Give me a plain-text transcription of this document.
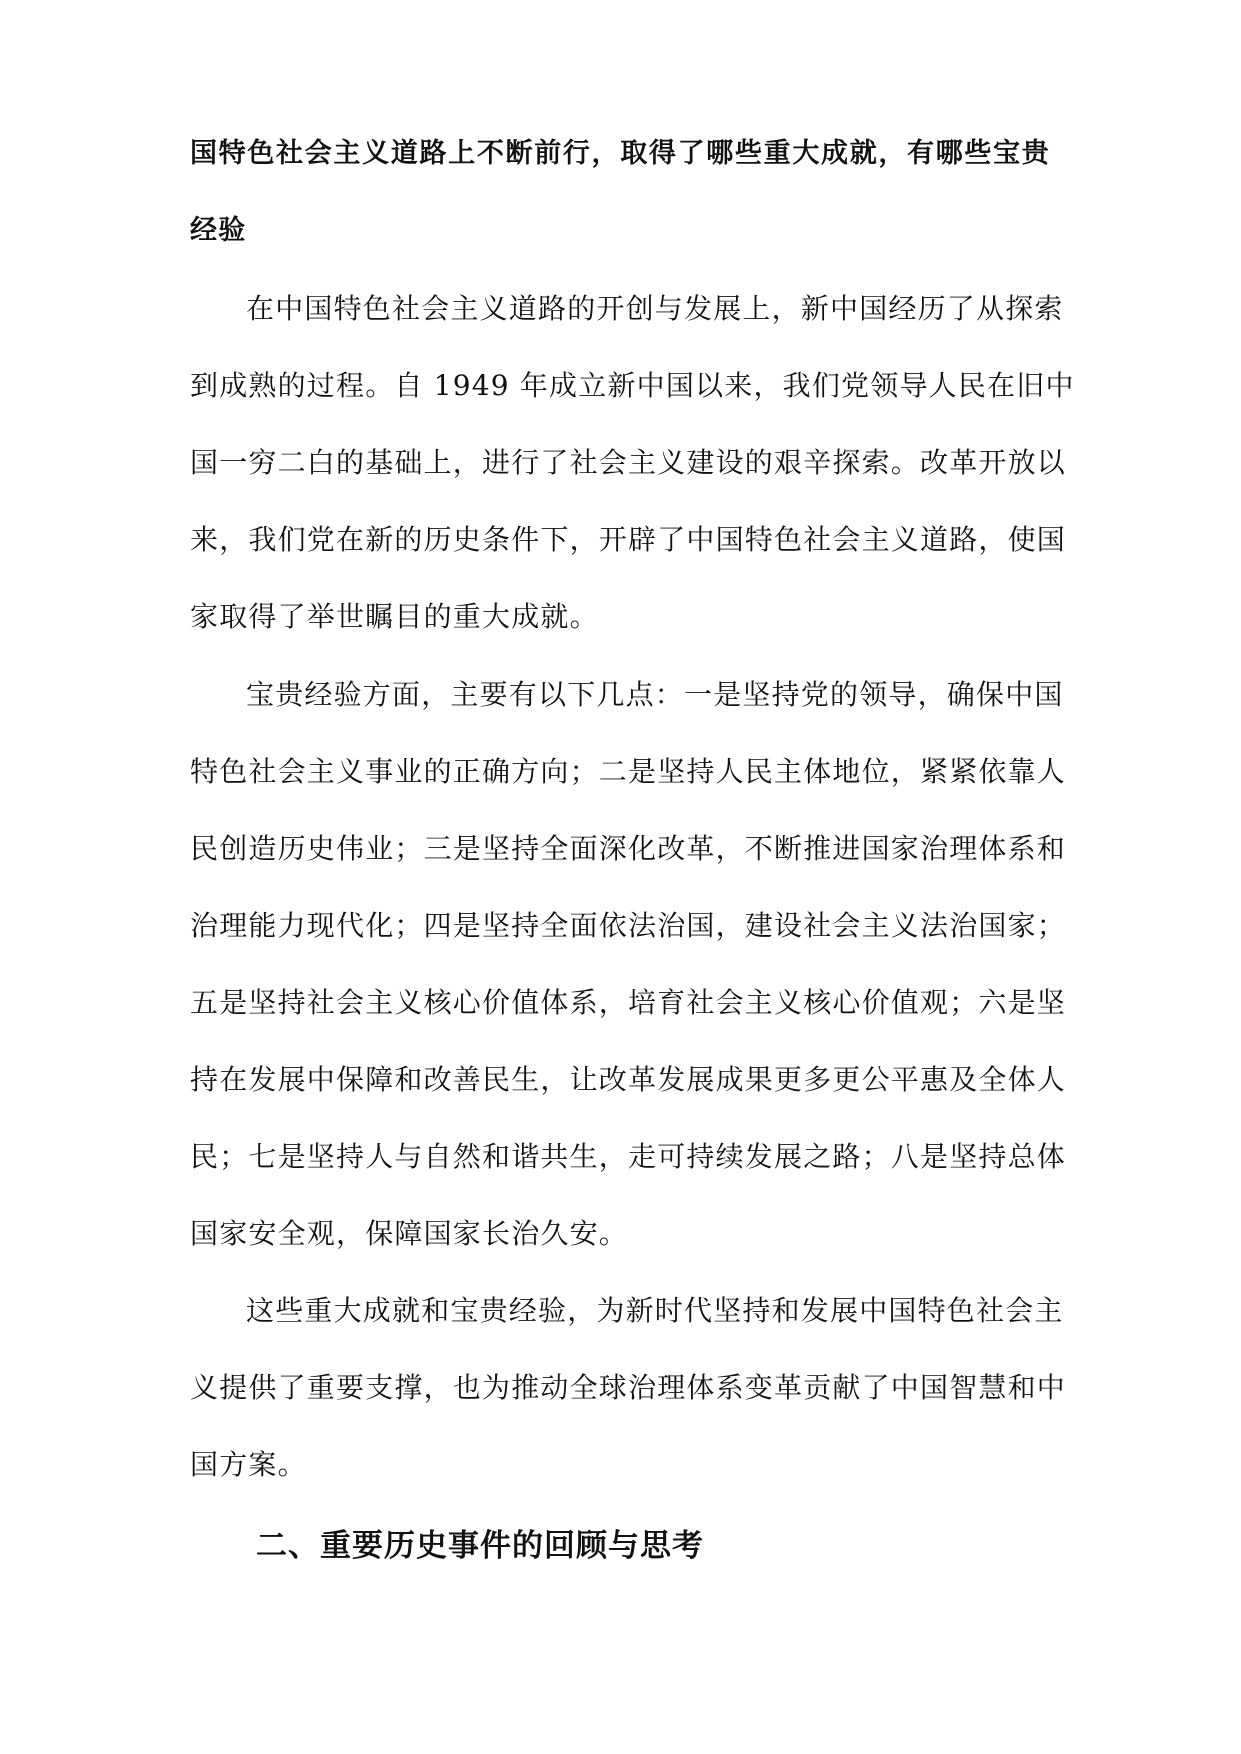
国特色社会主义道路上不断前行，取得了哪些重大成就，有哪些宝贵
经验
在中国特色社会主义道路的开创与发展上，新中国经历了从探索
到成熟的过程。自 1949 年成立新中国以来，我们党领导人民在旧中
国一穷二白的基础上，进行了社会主义建设的艰辛探索。改革开放以
来，我们党在新的历史条件下，开辟了中国特色社会主义道路，使国
家取得了举世瞩目的重大成就。
宝贵经验方面，主要有以下几点：一是坚持党的领导，确保中国
特色社会主义事业的正确方向；二是坚持人民主体地位，紧紧依靠人
民创造历史伟业；三是坚持全面深化改革，不断推进国家治理体系和
治理能力现代化；四是坚持全面依法治国，建设社会主义法治国家；
五是坚持社会主义核心价值体系，培育社会主义核心价值观；六是坚
持在发展中保障和改善民生，让改革发展成果更多更公平惠及全体人
民；七是坚持人与自然和谐共生，走可持续发展之路；八是坚持总体
国家安全观，保障国家长治久安。
这些重大成就和宝贵经验，为新时代坚持和发展中国特色社会主
义提供了重要支撑，也为推动全球治理体系变革贡献了中国智慧和中
国方案。
二、重要历史事件的回顾与思考
